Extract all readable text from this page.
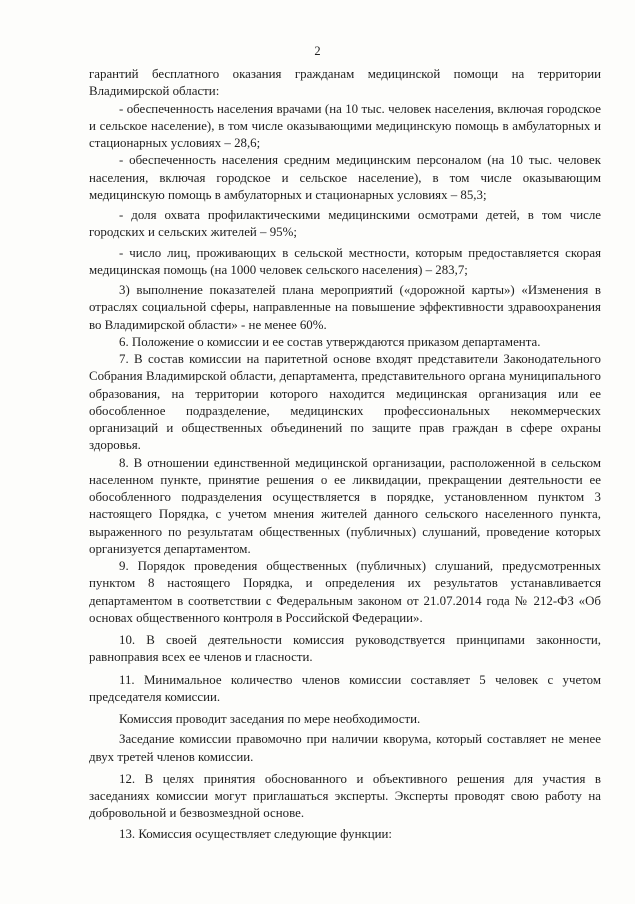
2

гарантий бесплатного оказания гражданам медицинской помощи на территории Владимирской области:

- обеспеченность населения врачами (на 10 тыс. человек населения, включая городское и сельское население), в том числе оказывающими медицинскую помощь в амбулаторных и стационарных условиях – 28,6;

- обеспеченность населения средним медицинским персоналом (на 10 тыс. человек населения, включая городское и сельское население), в том числе оказывающим медицинскую помощь в амбулаторных и стационарных условиях – 85,3;

- доля охвата профилактическими медицинскими осмотрами детей, в том числе городских и сельских жителей – 95%;

- число лиц, проживающих в сельской местности, которым предоставляется скорая медицинская помощь (на 1000 человек сельского населения) – 283,7;

3) выполнение показателей плана мероприятий («дорожной карты») «Изменения в отраслях социальной сферы, направленные на повышение эффективности здравоохранения во Владимирской области» - не менее 60%.

6. Положение о комиссии и ее состав утверждаются приказом департамента.

7. В состав комиссии на паритетной основе входят представители Законодательного Собрания Владимирской области, департамента, представительного органа муниципального образования, на территории которого находится медицинская организация или ее обособленное подразделение, медицинских профессиональных некоммерческих организаций и общественных объединений по защите прав граждан в сфере охраны здоровья.

8. В отношении единственной медицинской организации, расположенной в сельском населенном пункте, принятие решения о ее ликвидации, прекращении деятельности ее обособленного подразделения осуществляется в порядке, установленном пунктом 3 настоящего Порядка, с учетом мнения жителей данного сельского населенного пункта, выраженного по результатам общественных (публичных) слушаний, проведение которых организуется департаментом.

9. Порядок проведения общественных (публичных) слушаний, предусмотренных пунктом 8 настоящего Порядка, и определения их результатов устанавливается департаментом в соответствии с Федеральным законом от 21.07.2014 года № 212-ФЗ «Об основах общественного контроля в Российской Федерации».

10. В своей деятельности комиссия руководствуется принципами законности, равноправия всех ее членов и гласности.

11. Минимальное количество членов комиссии составляет 5 человек с учетом председателя комиссии.

Комиссия проводит заседания по мере необходимости.

Заседание комиссии правомочно при наличии кворума, который составляет не менее двух третей членов комиссии.

12. В целях принятия обоснованного и объективного решения для участия в заседаниях комиссии могут приглашаться эксперты. Эксперты проводят свою работу на добровольной и безвозмездной основе.

13. Комиссия осуществляет следующие функции:
